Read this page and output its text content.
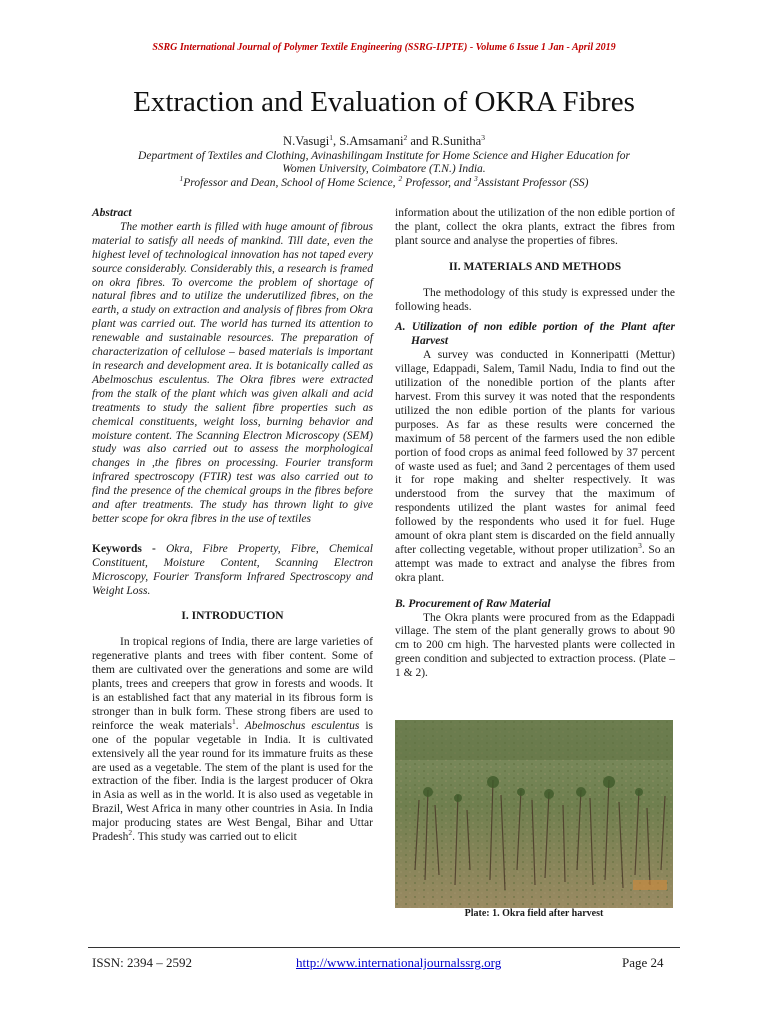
SSRG International Journal of Polymer Textile Engineering (SSRG-IJPTE) - Volume 6 Issue 1 Jan - April 2019
Extraction and Evaluation of OKRA Fibres
N.Vasugi$^1$, S.Amsamani$^2$ and R.Sunitha$^3$
Department of Textiles and Clothing, Avinashilingam Institute for Home Science and Higher Education for
Women University, Coimbatore (T.N.) India.
$^1$Professor and Dean, School of Home Science, $^2$ Professor, and $^3$Assistant Professor (SS)

Abstract

The mother earth is filled with huge amount of fibrous material to satisfy all needs of mankind. Till date, even the highest level of technological innovation has not taped every source considerably. Considerably this, a research is framed on okra fibres. To overcome the problem of shortage of natural fibres and to utilize the underutilized fibres, on the earth, a study on extraction and analysis of fibres from Okra plant was carried out. The world has turned its attention to renewable and sustainable resources. The preparation of characterization of cellulose – based materials is important in research and development area. It is botanically called as Abelmoschus esculentus. The Okra fibres were extracted from the stalk of the plant which was given alkali and acid treatments to study the salient fibre properties such as chemical constituents, weight loss, burning behavior and moisture content. The Scanning Electron Microscopy (SEM) study was also carried out to assess the morphological changes in ,the fibres on processing. Fourier transform infrared spectroscopy (FTIR) test was also carried out to find the presence of the chemical groups in the fibres before and after treatments. The study has thrown light to give better scope for okra fibres in the use of textiles

Keywords - Okra, Fibre Property, Fibre, Chemical Constituent, Moisture Content, Scanning Electron Microscopy, Fourier Transform Infrared Spectroscopy and Weight Loss.

I. INTRODUCTION

In tropical regions of India, there are large varieties of regenerative plants and trees with fiber content. Some of them are cultivated over the generations and some are wild plants, trees and creepers that grow in forests and woods. It is an established fact that any material in its fibrous form is stronger than in bulk form. These strong fibers are used to reinforce the weak materials$^1$. Abelmoschus esculentus is one of the popular vegetable in India. It is cultivated extensively all the year round for its immature fruits as these are used as a vegetable. The stem of the plant is used for the extraction of the fiber. India is the largest producer of Okra in Asia as well as in the world. It is also used as vegetable in Brazil, West Africa in many other countries in Asia. In India major producing states are West Bengal, Bihar and Uttar Pradesh$^2$. This study was carried out to elicit

information about the utilization of the non edible portion of the plant, collect the okra plants, extract the fibres from plant source and analyse the properties of fibres.

II. MATERIALS AND METHODS

The methodology of this study is expressed under the following heads.

A. Utilization of non edible portion of the Plant after Harvest

A survey was conducted in Konneripatti (Mettur) village, Edappadi, Salem, Tamil Nadu, India to find out the utilization of the nonedible portion of the plants after harvest. From this survey it was noted that the respondents utilized the non edible portion of the plants for various purposes. As far as these results were concerned the maximum of 58 percent of the farmers used the non edible portion of food crops as animal feed followed by 37 percent of waste used as fuel; and 3and 2 percentages of them used it for rope making and shelter respectively. It was understood from the survey that the maximum of respondents utilized the plant wastes for animal feed followed by the respondents who used it for fuel. Huge amount of okra plant stem is discarded on the field annually after collecting vegetable, without proper utilization$^3$. So an attempt was made to extract and analyse the fibres from okra plant.

B. Procurement of Raw Material

The Okra plants were procured from as the Edappadi village. The stem of the plant generally grows to about 90 cm to 200 cm high. The harvested plants were collected in green condition and subjected to extraction process. (Plate – 1 & 2).

Plate: 1. Okra field after harvest
ISSN: 2394 – 2592	http://www.internationaljournalssrg.org	Page 24
